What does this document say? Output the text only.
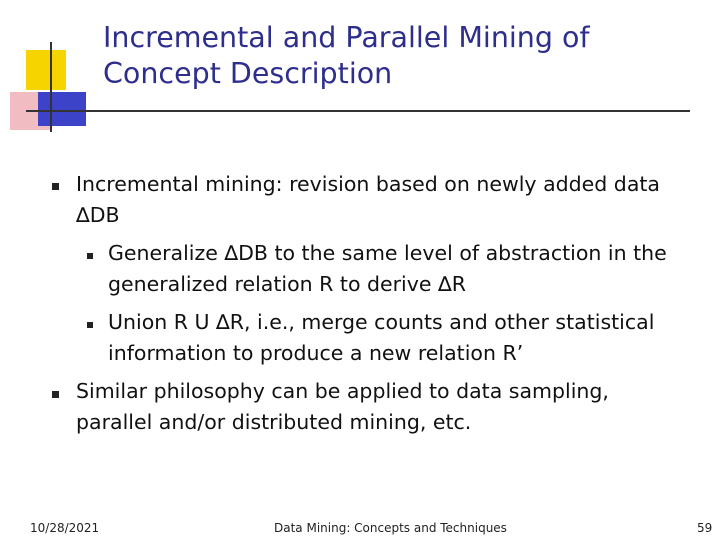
Incremental and Parallel Mining of
Concept Description
Incremental mining: revision based on newly added data
∆DB
Generalize ∆DB to the same level of abstraction in the
generalized relation R to derive ∆R
Union R U ∆R, i.e., merge counts and other statistical
information to produce a new relation R’
Similar philosophy can be applied to data sampling,
parallel and/or distributed mining, etc.
10/28/2021	Data Mining: Concepts and Techniques	59
